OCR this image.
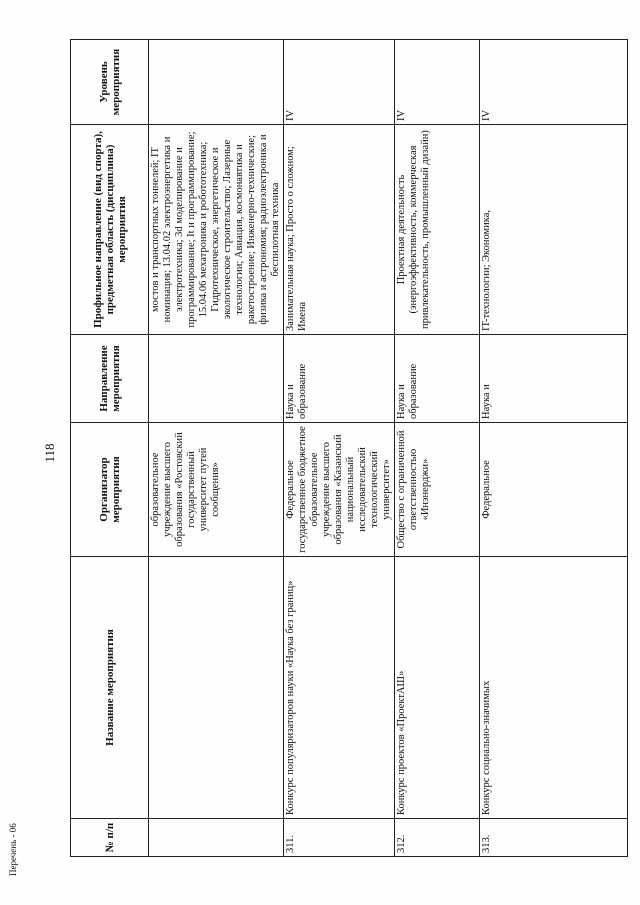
118
№ п/п	Название мероприятия	Организатор мероприятия	Направление мероприятия	Профильное направление (вид спорта), предметная область (дисциплина) мероприятия	Уровень мероприятия
		образовательное учреждение высшего образования «Ростовский государственный университет путей сообщения»		мостов и транспортных тоннелей; IT номинация; 13.04.02 электроэнергетика и электротехника; 3d моделирование и программирование; It и программирование; 15.04.06 мехатроника и робототехника; Гидротехническое, энергетическое и экологическое строительство; Лазерные технологии; Авиация, космонавтика и ракетостроение; Инженерно-технические; физика и астрономия; радиоэлектроника и беспилотная техника	
311.	Конкурс популяризаторов науки «Наука без границ»	Федеральное государственное бюджетное образовательное учреждение высшего образования «Казанский национальный исследовательский технологический университет»	Наука и образование	Занимательная наука; Просто о сложном; Имена	IV
312.	Конкурс проектов «ПроектАШ»	Общество с ограниченной ответственностью «Инэнерджи»	Наука и образование	Проектная деятельность (энергоэффективность, коммерческая привлекательность, промышленный дизайн)	IV
313.	Конкурс социально-значимых	Федеральное	Наука и	IT-технологии; Экономика,	IV
Перечень - 06
